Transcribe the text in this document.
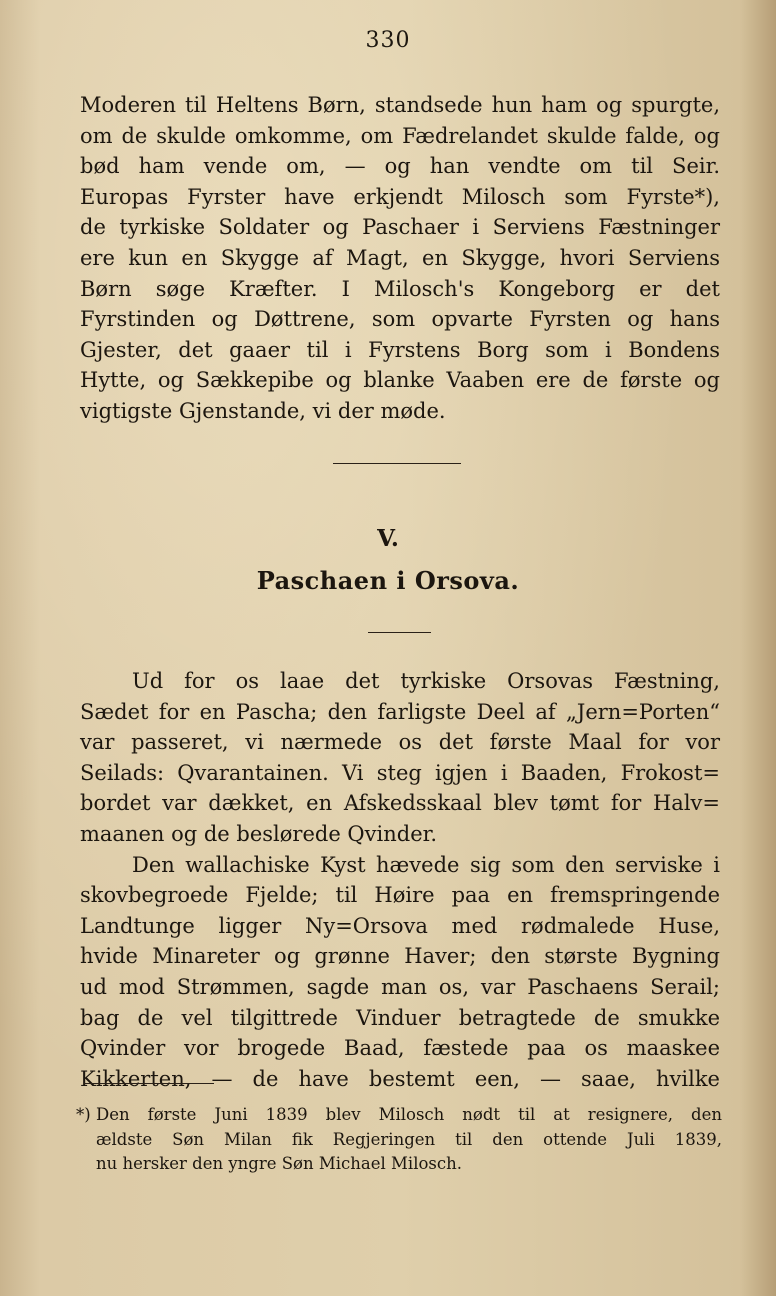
330
Moderen til Heltens Børn, standsede hun ham og spurgte,
om de skulde omkomme, om Fædrelandet skulde falde, og
bød ham vende om, — og han vendte om til Seir.
Europas Fyrster have erkjendt Milosch som Fyrste*),
de tyrkiske Soldater og Paschaer i Serviens Fæstninger
ere kun en Skygge af Magt, en Skygge, hvori Serviens
Børn søge Kræfter. I Milosch's Kongeborg er det
Fyrstinden og Døttrene, som opvarte Fyrsten og hans
Gjester, det gaaer til i Fyrstens Borg som i Bondens
Hytte, og Sækkepibe og blanke Vaaben ere de første og
vigtigste Gjenstande, vi der møde.
V.
Paschaen i Orsova.
Ud for os laae det tyrkiske Orsovas Fæstning,
Sædet for en Pascha; den farligste Deel af „Jern=Porten“
var passeret, vi nærmede os det første Maal for vor
Seilads: Qvarantainen. Vi steg igjen i Baaden, Frokost=
bordet var dækket, en Afskedsskaal blev tømt for Halv=
maanen og de beslørede Qvinder.
Den wallachiske Kyst hævede sig som den serviske i
skovbegroede Fjelde; til Høire paa en fremspringende
Landtunge ligger Ny=Orsova med rødmalede Huse,
hvide Minareter og grønne Haver; den største Bygning
ud mod Strømmen, sagde man os, var Paschaens Serail;
bag de vel tilgittrede Vinduer betragtede de smukke
Qvinder vor brogede Baad, fæstede paa os maaskee
Kikkerten, — de have bestemt een, — saae, hvilke
*) Den første Juni 1839 blev Milosch nødt til at resignere, den
ældste Søn Milan fik Regjeringen til den ottende Juli 1839,
nu hersker den yngre Søn Michael Milosch.
